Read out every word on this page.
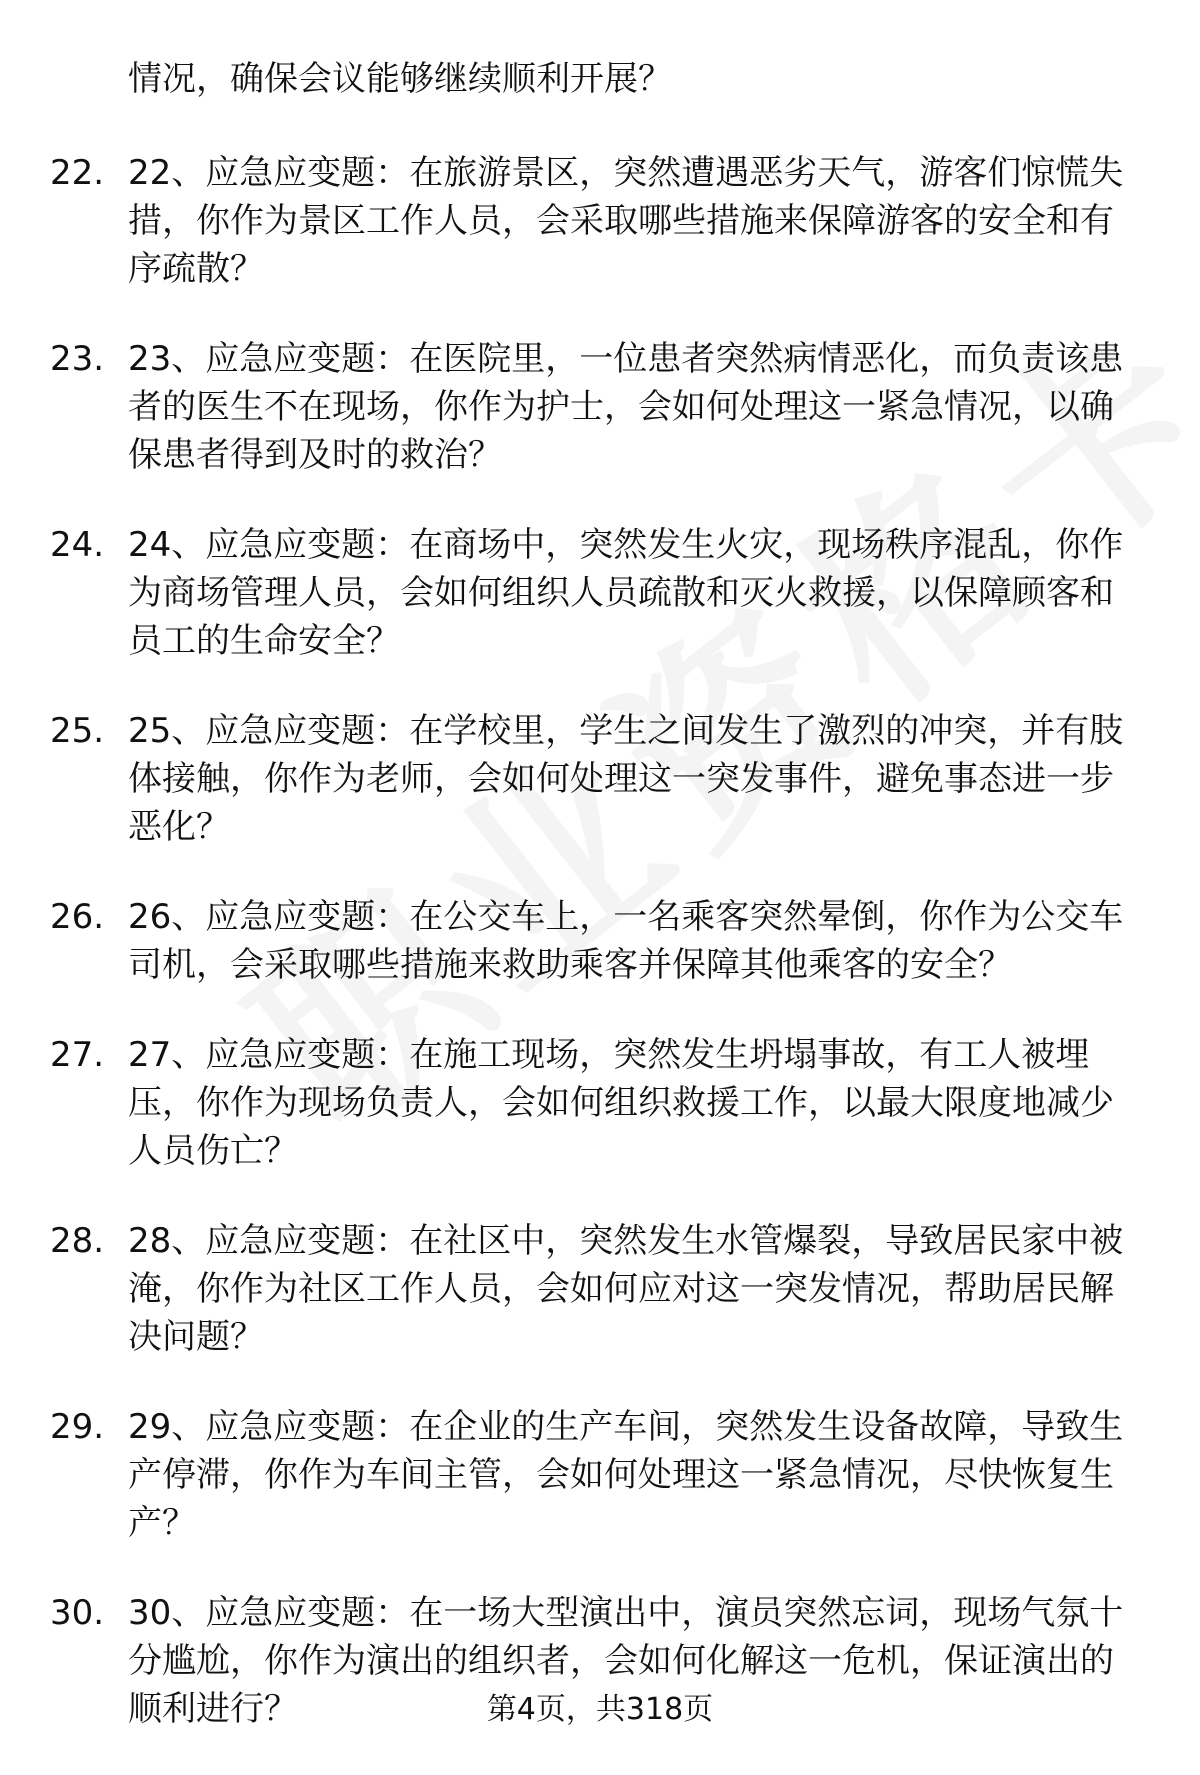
情况，确保会议能够继续顺利开展？
22. 22、应急应变题：在旅游景区，突然遭遇恶劣天气，游客们惊慌失措，你作为景区工作人员，会采取哪些措施来保障游客的安全和有序疏散？
23. 23、应急应变题：在医院里，一位患者突然病情恶化，而负责该患者的医生不在现场，你作为护士，会如何处理这一紧急情况，以确保患者得到及时的救治？
24. 24、应急应变题：在商场中，突然发生火灾，现场秩序混乱，你作为商场管理人员，会如何组织人员疏散和灭火救援，以保障顾客和员工的生命安全？
25. 25、应急应变题：在学校里，学生之间发生了激烈的冲突，并有肢体接触，你作为老师，会如何处理这一突发事件，避免事态进一步恶化？
26. 26、应急应变题：在公交车上，一名乘客突然晕倒，你作为公交车司机，会采取哪些措施来救助乘客并保障其他乘客的安全？
27. 27、应急应变题：在施工现场，突然发生坍塌事故，有工人被埋压，你作为现场负责人，会如何组织救援工作，以最大限度地减少人员伤亡？
28. 28、应急应变题：在社区中，突然发生水管爆裂，导致居民家中被淹，你作为社区工作人员，会如何应对这一突发情况，帮助居民解决问题？
29. 29、应急应变题：在企业的生产车间，突然发生设备故障，导致生产停滞，你作为车间主管，会如何处理这一紧急情况，尽快恢复生产？
30. 30、应急应变题：在一场大型演出中，演员突然忘词，现场气氛十分尴尬，你作为演出的组织者，会如何化解这一危机，保证演出的顺利进行？	第4页，共318页
